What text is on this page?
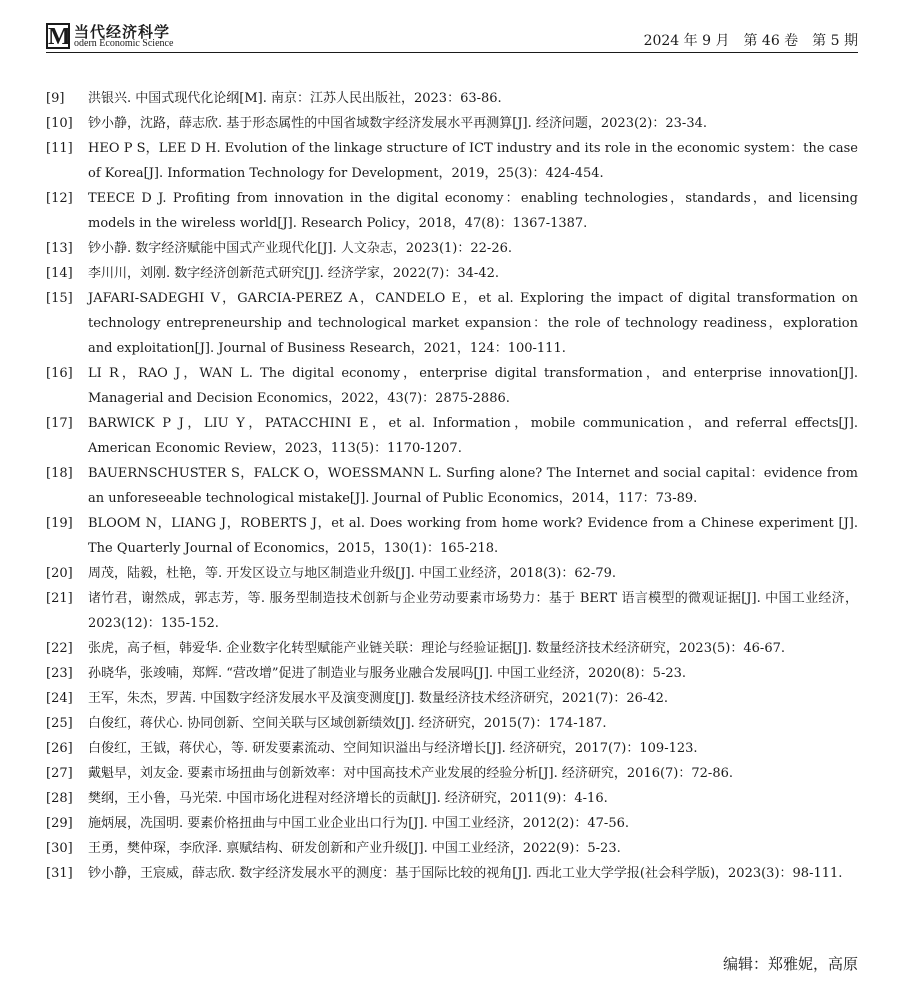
M 当代经济科学
odern Economic Science	2024 年 9 月　第 46 卷　第 5 期
[9]	洪银兴. 中国式现代化论纲[M]. 南京：江苏人民出版社，2023：63-86.
[10]	钞小静，沈路，薛志欣. 基于形态属性的中国省域数字经济发展水平再测算[J]. 经济问题，2023(2)：23-34.
[11]	HEO P S，LEE D H. Evolution of the linkage structure of ICT industry and its role in the economic system：the case of Korea[J]. Information Technology for Development，2019，25(3)：424-454.
[12]	TEECE D J. Profiting from innovation in the digital economy：enabling technologies，standards，and licensing models in the wireless world[J]. Research Policy，2018，47(8)：1367-1387.
[13]	钞小静. 数字经济赋能中国式产业现代化[J]. 人文杂志，2023(1)：22-26.
[14]	李川川，刘刚. 数字经济创新范式研究[J]. 经济学家，2022(7)：34-42.
[15]	JAFARI-SADEGHI V，GARCIA-PEREZ A，CANDELO E，et al. Exploring the impact of digital transformation on technology entrepreneurship and technological market expansion：the role of technology readiness，exploration and exploitation[J]. Journal of Business Research，2021，124：100-111.
[16]	LI R，RAO J，WAN L. The digital economy，enterprise digital transformation，and enterprise innovation[J]. Managerial and Decision Economics，2022，43(7)：2875-2886.
[17]	BARWICK P J，LIU Y，PATACCHINI E，et al. Information，mobile communication，and referral effects[J]. American Economic Review，2023，113(5)：1170-1207.
[18]	BAUERNSCHUSTER S，FALCK O，WOESSMANN L. Surfing alone? The Internet and social capital：evidence from an unforeseeable technological mistake[J]. Journal of Public Economics，2014，117：73-89.
[19]	BLOOM N，LIANG J，ROBERTS J，et al. Does working from home work? Evidence from a Chinese experiment [J]. The Quarterly Journal of Economics，2015，130(1)：165-218.
[20]	周茂，陆毅，杜艳，等. 开发区设立与地区制造业升级[J]. 中国工业经济，2018(3)：62-79.
[21]	诸竹君，谢然成，郭志芳，等. 服务型制造技术创新与企业劳动要素市场势力：基于 BERT 语言模型的微观证据[J]. 中国工业经济，2023(12)：135-152.
[22]	张虎，高子桓，韩爱华. 企业数字化转型赋能产业链关联：理论与经验证据[J]. 数量经济技术经济研究，2023(5)：46-67.
[23]	孙晓华，张竣喃，郑辉. “营改增”促进了制造业与服务业融合发展吗[J]. 中国工业经济，2020(8)：5-23.
[24]	王军，朱杰，罗茜. 中国数字经济发展水平及演变测度[J]. 数量经济技术经济研究，2021(7)：26-42.
[25]	白俊红，蒋伏心. 协同创新、空间关联与区域创新绩效[J]. 经济研究，2015(7)：174-187.
[26]	白俊红，王钺，蒋伏心，等. 研发要素流动、空间知识溢出与经济增长[J]. 经济研究，2017(7)：109-123.
[27]	戴魁早，刘友金. 要素市场扭曲与创新效率：对中国高技术产业发展的经验分析[J]. 经济研究，2016(7)：72-86.
[28]	樊纲，王小鲁，马光荣. 中国市场化进程对经济增长的贡献[J]. 经济研究，2011(9)：4-16.
[29]	施炳展，冼国明. 要素价格扭曲与中国工业企业出口行为[J]. 中国工业经济，2012(2)：47-56.
[30]	王勇，樊仲琛，李欣泽. 禀赋结构、研发创新和产业升级[J]. 中国工业经济，2022(9)：5-23.
[31]	钞小静，王宸威，薛志欣. 数字经济发展水平的测度：基于国际比较的视角[J]. 西北工业大学学报(社会科学版)，2023(3)：98-111.
编辑：郑雅妮，高原
